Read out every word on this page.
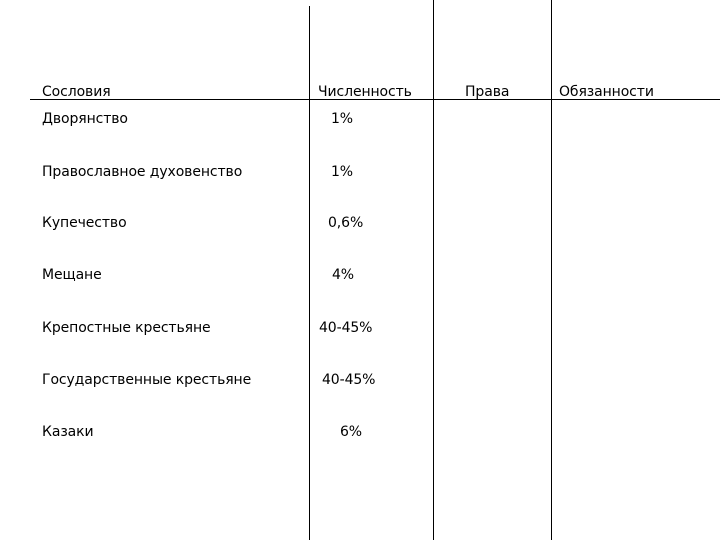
Сословия	Численность	Права	Обязанности
Дворянство	1%
Православное духовенство	1%
Купечество	0,6%
Мещане	4%
Крепостные крестьяне	40-45%
Государственные крестьяне	40-45%
Казаки	6%
